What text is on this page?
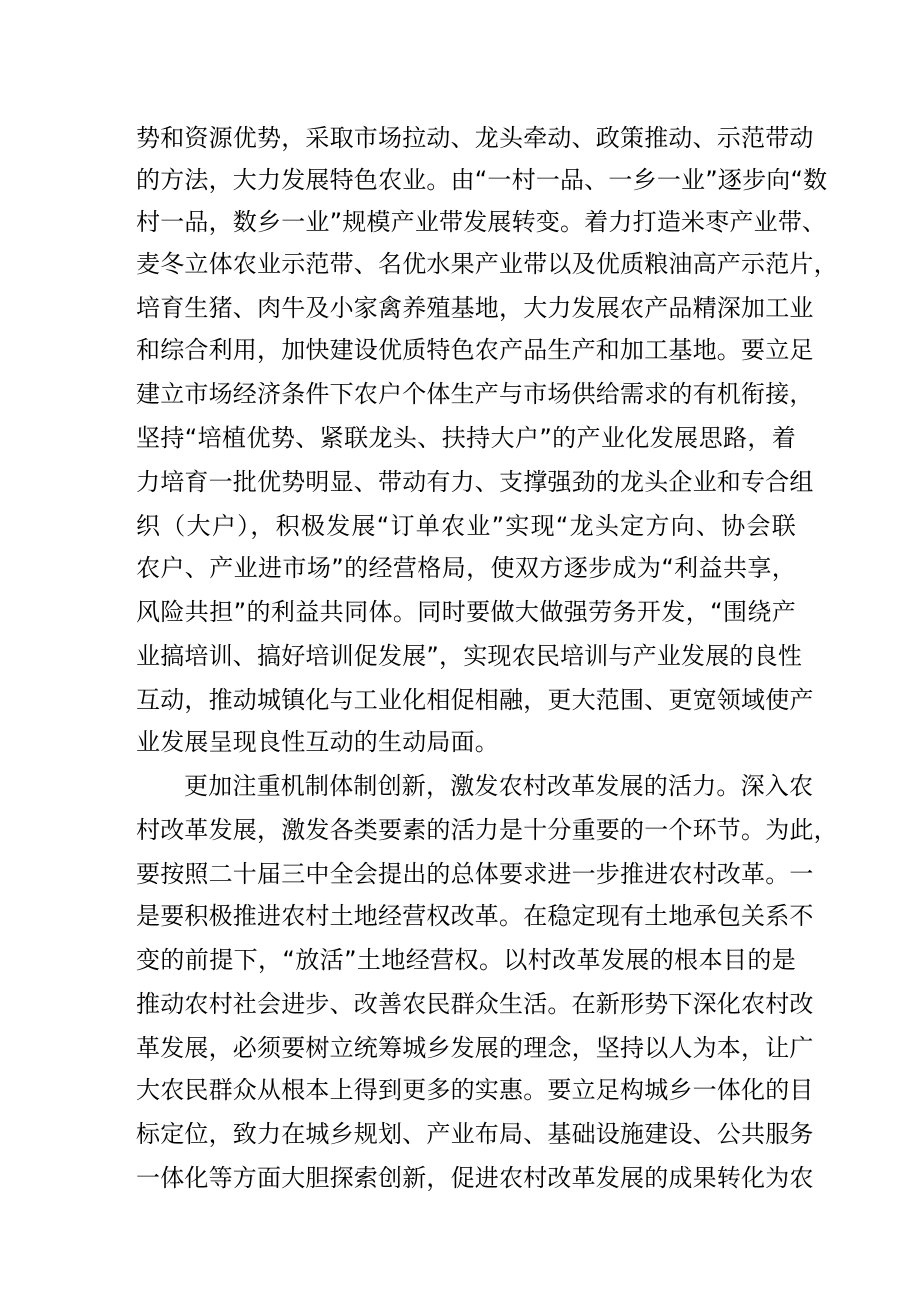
势和资源优势，采取市场拉动、龙头牵动、政策推动、示范带动
的方法，大力发展特色农业。由“一村一品、一乡一业”逐步向“数
村一品，数乡一业”规模产业带发展转变。着力打造米枣产业带、
麦冬立体农业示范带、名优水果产业带以及优质粮油高产示范片，
培育生猪、肉牛及小家禽养殖基地，大力发展农产品精深加工业
和综合利用，加快建设优质特色农产品生产和加工基地。要立足
建立市场经济条件下农户个体生产与市场供给需求的有机衔接，
坚持“培植优势、紧联龙头、扶持大户”的产业化发展思路，着
力培育一批优势明显、带动有力、支撑强劲的龙头企业和专合组
织（大户），积极发展“订单农业”实现“龙头定方向、协会联
农户、产业进市场”的经营格局，使双方逐步成为“利益共享，
风险共担”的利益共同体。同时要做大做强劳务开发，“围绕产
业搞培训、搞好培训促发展”，实现农民培训与产业发展的良性
互动，推动城镇化与工业化相促相融，更大范围、更宽领域使产
业发展呈现良性互动的生动局面。
更加注重机制体制创新，激发农村改革发展的活力。深入农
村改革发展，激发各类要素的活力是十分重要的一个环节。为此，
要按照二十届三中全会提出的总体要求进一步推进农村改革。一
是要积极推进农村土地经营权改革。在稳定现有土地承包关系不
变的前提下，“放活”土地经营权。以村改革发展的根本目的是
推动农村社会进步、改善农民群众生活。在新形势下深化农村改
革发展，必须要树立统筹城乡发展的理念，坚持以人为本，让广
大农民群众从根本上得到更多的实惠。要立足构城乡一体化的目
标定位，致力在城乡规划、产业布局、基础设施建设、公共服务
一体化等方面大胆探索创新，促进农村改革发展的成果转化为农
